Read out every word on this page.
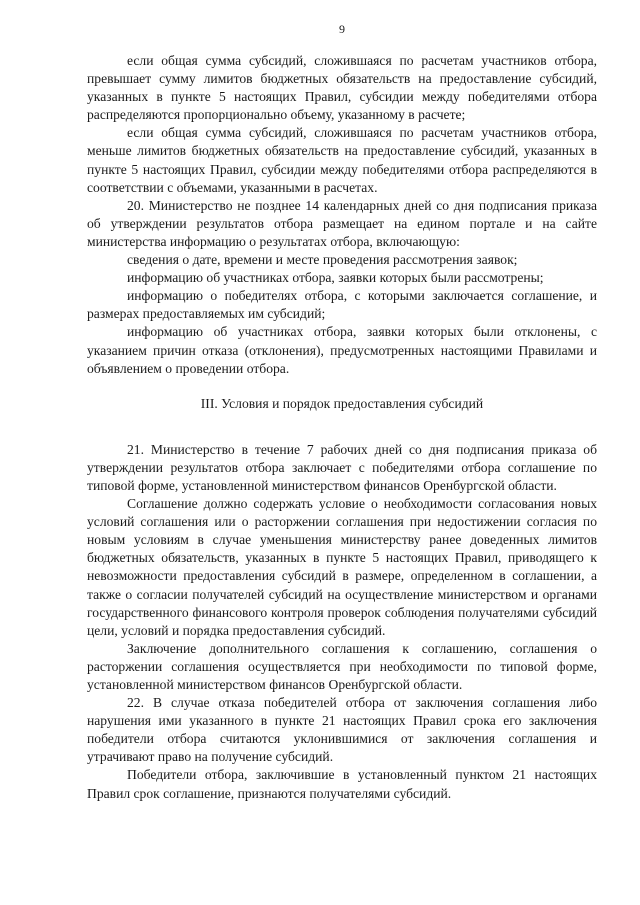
9

если общая сумма субсидий, сложившаяся по расчетам участников отбора, превышает сумму лимитов бюджетных обязательств на предоставление субсидий, указанных в пункте 5 настоящих Правил, субсидии между победителями отбора распределяются пропорционально объему, указанному в расчете;

если общая сумма субсидий, сложившаяся по расчетам участников отбора, меньше лимитов бюджетных обязательств на предоставление субсидий, указанных в пункте 5 настоящих Правил, субсидии между победителями отбора распределяются в соответствии с объемами, указанными в расчетах.

20. Министерство не позднее 14 календарных дней со дня подписания приказа об утверждении результатов отбора размещает на едином портале и на сайте министерства информацию о результатах отбора, включающую:

сведения о дате, времени и месте проведения рассмотрения заявок;

информацию об участниках отбора, заявки которых были рассмотрены;

информацию о победителях отбора, с которыми заключается соглашение, и размерах предоставляемых им субсидий;

информацию об участниках отбора, заявки которых были отклонены, с указанием причин отказа (отклонения), предусмотренных настоящими Правилами и объявлением о проведении отбора.

III. Условия и порядок предоставления субсидий

21. Министерство в течение 7 рабочих дней со дня подписания приказа об утверждении результатов отбора заключает с победителями отбора соглашение по типовой форме, установленной министерством финансов Оренбургской области.

Соглашение должно содержать условие о необходимости согласования новых условий соглашения или о расторжении соглашения при недостижении согласия по новым условиям в случае уменьшения министерству ранее доведенных лимитов бюджетных обязательств, указанных в пункте 5 настоящих Правил, приводящего к невозможности предоставления субсидий в размере, определенном в соглашении, а также о согласии получателей субсидий на осуществление министерством и органами государственного финансового контроля проверок соблюдения получателями субсидий цели, условий и порядка предоставления субсидий.

Заключение дополнительного соглашения к соглашению, соглашения о расторжении соглашения осуществляется при необходимости по типовой форме, установленной министерством финансов Оренбургской области.

22. В случае отказа победителей отбора от заключения соглашения либо нарушения ими указанного в пункте 21 настоящих Правил срока его заключения победители отбора считаются уклонившимися от заключения соглашения и утрачивают право на получение субсидий.

Победители отбора, заключившие в установленный пунктом 21 настоящих Правил срок соглашение, признаются получателями субсидий.
